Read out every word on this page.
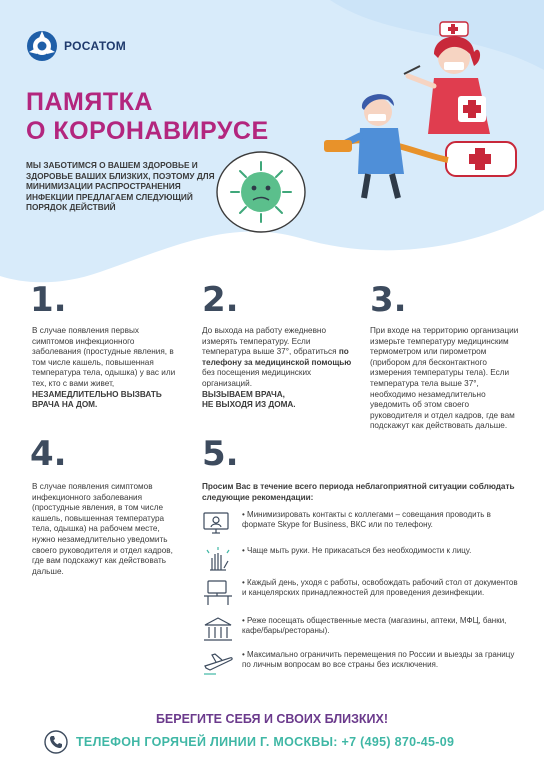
РОСАТОМ
ПАМЯТКА
О КОРОНАВИРУСЕ
МЫ ЗАБОТИМСЯ О ВАШЕМ ЗДОРОВЬЕ И ЗДОРОВЬЕ ВАШИХ БЛИЗКИХ, ПОЭТОМУ ДЛЯ МИНИМИЗАЦИИ РАСПРОСТРАНЕНИЯ ИНФЕКЦИИ ПРЕДЛАГАЕМ СЛЕДУЮЩИЙ ПОРЯДОК ДЕЙСТВИЙ
1.
В случае появления первых симптомов инфекционного заболевания (простудные явления, в том числе кашель, повышенная температура тела, одышка) у вас или тех, кто с вами живет, НЕЗАМЕДЛИТЕЛЬНО ВЫЗВАТЬ ВРАЧА НА ДОМ.
2.
До выхода на работу ежедневно измерять температуру. Если температура выше 37°, обратиться по телефону за медицинской помощью без посещения медицинских организаций.
ВЫЗЫВАЕМ ВРАЧА,
НЕ ВЫХОДЯ ИЗ ДОМА.
3.
При входе на территорию организации измерьте температуру медицинским термометром или пирометром (прибором для бесконтактного измерения температуры тела). Если температура тела выше 37°, необходимо незамедлительно уведомить об этом своего руководителя и отдел кадров, где вам подскажут как действовать дальше.
4.
В случае появления симптомов инфекционного заболевания (простудные явления, в том числе кашель, повышенная температура тела, одышка) на рабочем месте, нужно незамедлительно уведомить своего руководителя и отдел кадров, где вам подскажут как действовать дальше.
5.
Просим Вас в течение всего периода неблагоприятной ситуации соблюдать следующие рекомендации:
• Минимизировать контакты с коллегами – совещания проводить в формате Skype for Business, ВКС или по телефону.
• Чаще мыть руки. Не прикасаться без необходимости к лицу.
• Каждый день, уходя с работы, освобождать рабочий стол от документов и канцелярских принадлежностей для проведения дезинфекции.
• Реже посещать общественные места (магазины, аптеки, МФЦ, банки, кафе/бары/рестораны).
• Максимально ограничить перемещения по России и выезды за границу по личным вопросам во все страны без исключения.
БЕРЕГИТЕ СЕБЯ И СВОИХ БЛИЗКИХ!
ТЕЛЕФОН ГОРЯЧЕЙ ЛИНИИ Г. МОСКВЫ: +7 (495) 870-45-09
